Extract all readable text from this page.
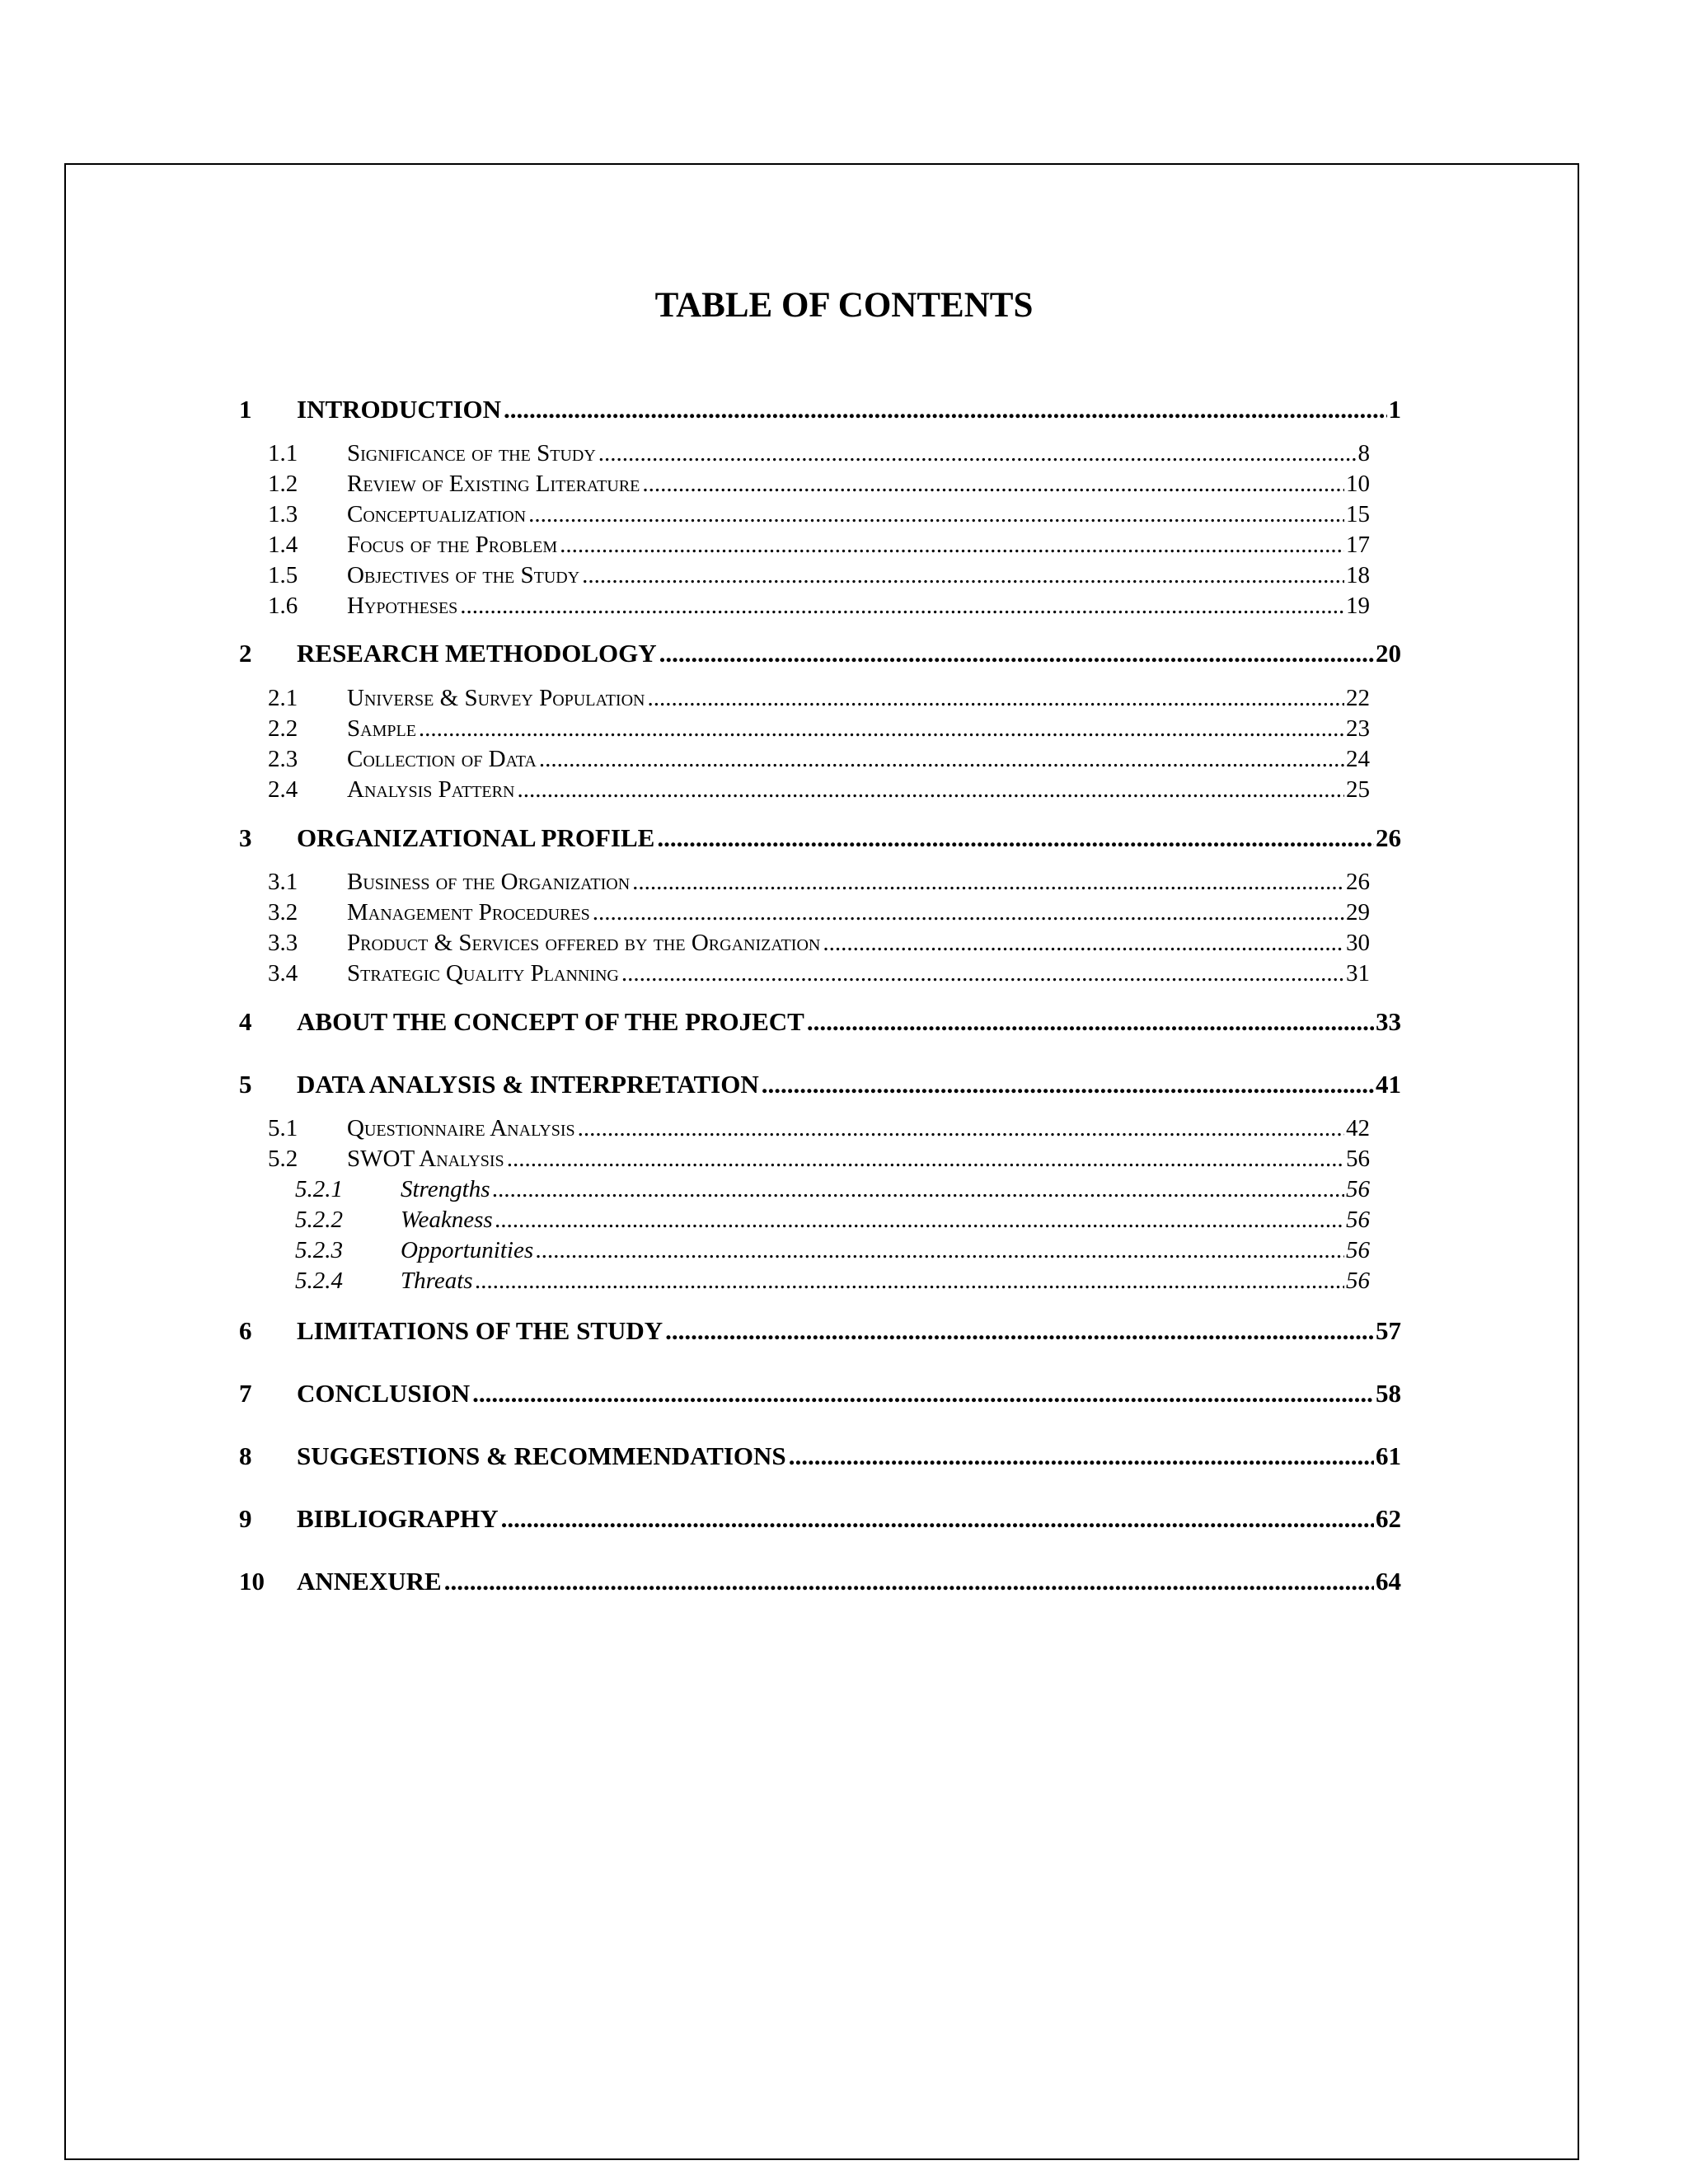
TABLE OF CONTENTS
1	INTRODUCTION .....	1
1.1	Significance of the Study .....	8
1.2	Review of Existing Literature .....	10
1.3	Conceptualization .....	15
1.4	Focus of the Problem .....	17
1.5	Objectives of the Study .....	18
1.6	Hypotheses .....	19
2	RESEARCH METHODOLOGY .....	20
2.1	Universe & Survey Population .....	22
2.2	Sample .....	23
2.3	Collection of Data .....	24
2.4	Analysis Pattern .....	25
3	ORGANIZATIONAL PROFILE .....	26
3.1	Business of the Organization .....	26
3.2	Management Procedures .....	29
3.3	Product & Services offered by the Organization .....	30
3.4	Strategic Quality Planning .....	31
4	ABOUT THE CONCEPT OF THE PROJECT .....	33
5	DATA ANALYSIS & INTERPRETATION .....	41
5.1	Questionnaire Analysis .....	42
5.2	SWOT Analysis .....	56
5.2.1	Strengths .....	56
5.2.2	Weakness .....	56
5.2.3	Opportunities .....	56
5.2.4	Threats .....	56
6	LIMITATIONS OF THE STUDY .....	57
7	CONCLUSION .....	58
8	SUGGESTIONS & RECOMMENDATIONS .....	61
9	BIBLIOGRAPHY .....	62
10	ANNEXURE .....	64
